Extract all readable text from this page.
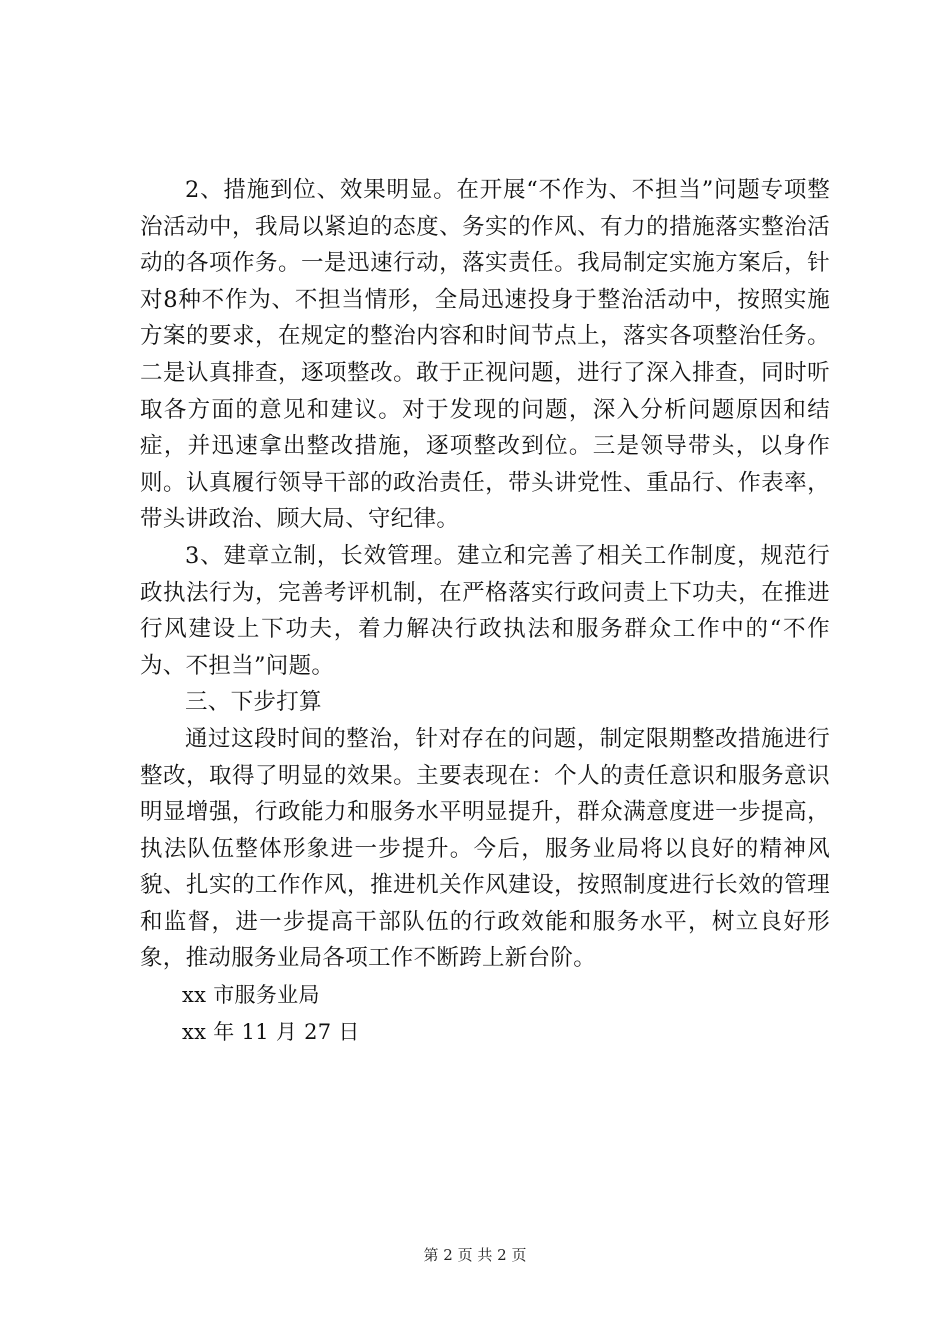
2、措施到位、效果明显。在开展“不作为、不担当”问题专项整治活动中，我局以紧迫的态度、务实的作风、有力的措施落实整治活动的各项作务。一是迅速行动，落实责任。我局制定实施方案后，针对8种不作为、不担当情形，全局迅速投身于整治活动中，按照实施方案的要求，在规定的整治内容和时间节点上，落实各项整治任务。二是认真排查，逐项整改。敢于正视问题，进行了深入排查，同时听取各方面的意见和建议。对于发现的问题，深入分析问题原因和结症，并迅速拿出整改措施，逐项整改到位。三是领导带头，以身作则。认真履行领导干部的政治责任，带头讲党性、重品行、作表率，带头讲政治、顾大局、守纪律。

3、建章立制，长效管理。建立和完善了相关工作制度，规范行政执法行为，完善考评机制，在严格落实行政问责上下功夫，在推进行风建设上下功夫，着力解决行政执法和服务群众工作中的“不作为、不担当”问题。

三、下步打算

通过这段时间的整治，针对存在的问题，制定限期整改措施进行整改，取得了明显的效果。主要表现在：个人的责任意识和服务意识明显增强，行政能力和服务水平明显提升，群众满意度进一步提高，执法队伍整体形象进一步提升。今后，服务业局将以良好的精神风貌、扎实的工作作风，推进机关作风建设，按照制度进行长效的管理和监督，进一步提高干部队伍的行政效能和服务水平，树立良好形象，推动服务业局各项工作不断跨上新台阶。

xx 市服务业局

xx 年 11 月 27 日

第 2 页 共 2 页
